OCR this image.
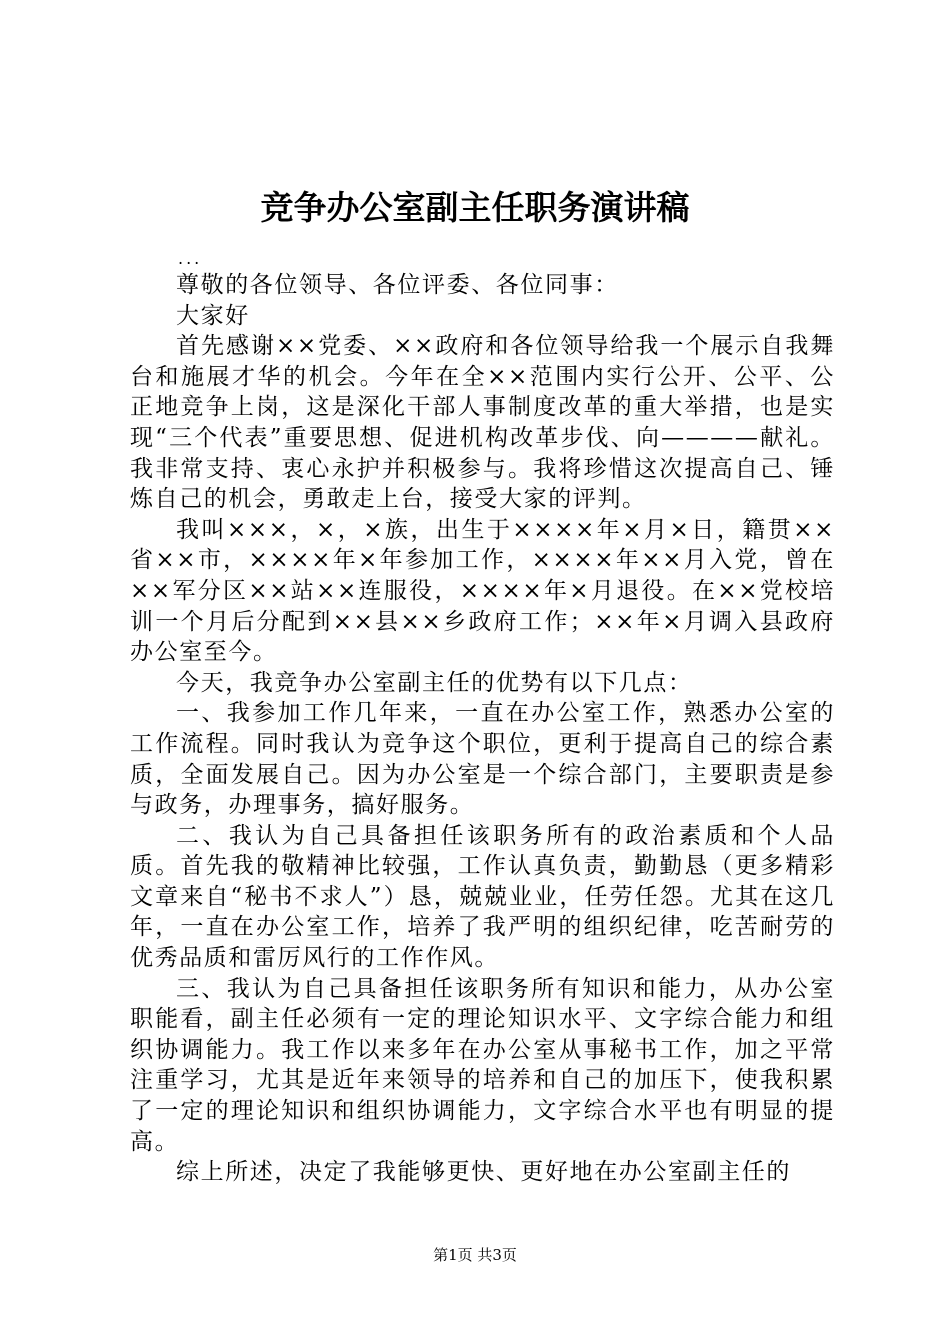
竞争办公室副主任职务演讲稿
...

尊敬的各位领导、各位评委、各位同事：

大家好

首先感谢××党委、××政府和各位领导给我一个展示自我舞台和施展才华的机会。今年在全××范围内实行公开、公平、公正地竞争上岗，这是深化干部人事制度改革的重大举措，也是实现“三个代表”重要思想、促进机构改革步伐、向————献礼。我非常支持、衷心永护并积极参与。我将珍惜这次提高自己、锤炼自己的机会，勇敢走上台，接受大家的评判。

我叫×××，×，×族，出生于××××年×月×日，籍贯××省××市，××××年×年参加工作，××××年××月入党，曾在××军分区××站××连服役，××××年×月退役。在××党校培训一个月后分配到××县××乡政府工作；××年×月调入县政府办公室至今。

今天，我竞争办公室副主任的优势有以下几点：

一、我参加工作几年来，一直在办公室工作，熟悉办公室的工作流程。同时我认为竞争这个职位，更利于提高自己的综合素质，全面发展自己。因为办公室是一个综合部门，主要职责是参与政务，办理事务，搞好服务。

二、我认为自己具备担任该职务所有的政治素质和个人品质。首先我的敬精神比较强，工作认真负责，勤勤恳（更多精彩文章来自“秘书不求人”）恳，兢兢业业，任劳任怨。尤其在这几年，一直在办公室工作，培养了我严明的组织纪律，吃苦耐劳的优秀品质和雷厉风行的工作作风。

三、我认为自己具备担任该职务所有知识和能力，从办公室职能看，副主任必须有一定的理论知识水平、文字综合能力和组织协调能力。我工作以来多年在办公室从事秘书工作，加之平常注重学习，尤其是近年来领导的培养和自己的加压下，使我积累了一定的理论知识和组织协调能力，文字综合水平也有明显的提高。

综上所述，决定了我能够更快、更好地在办公室副主任的

第1页 共3页
